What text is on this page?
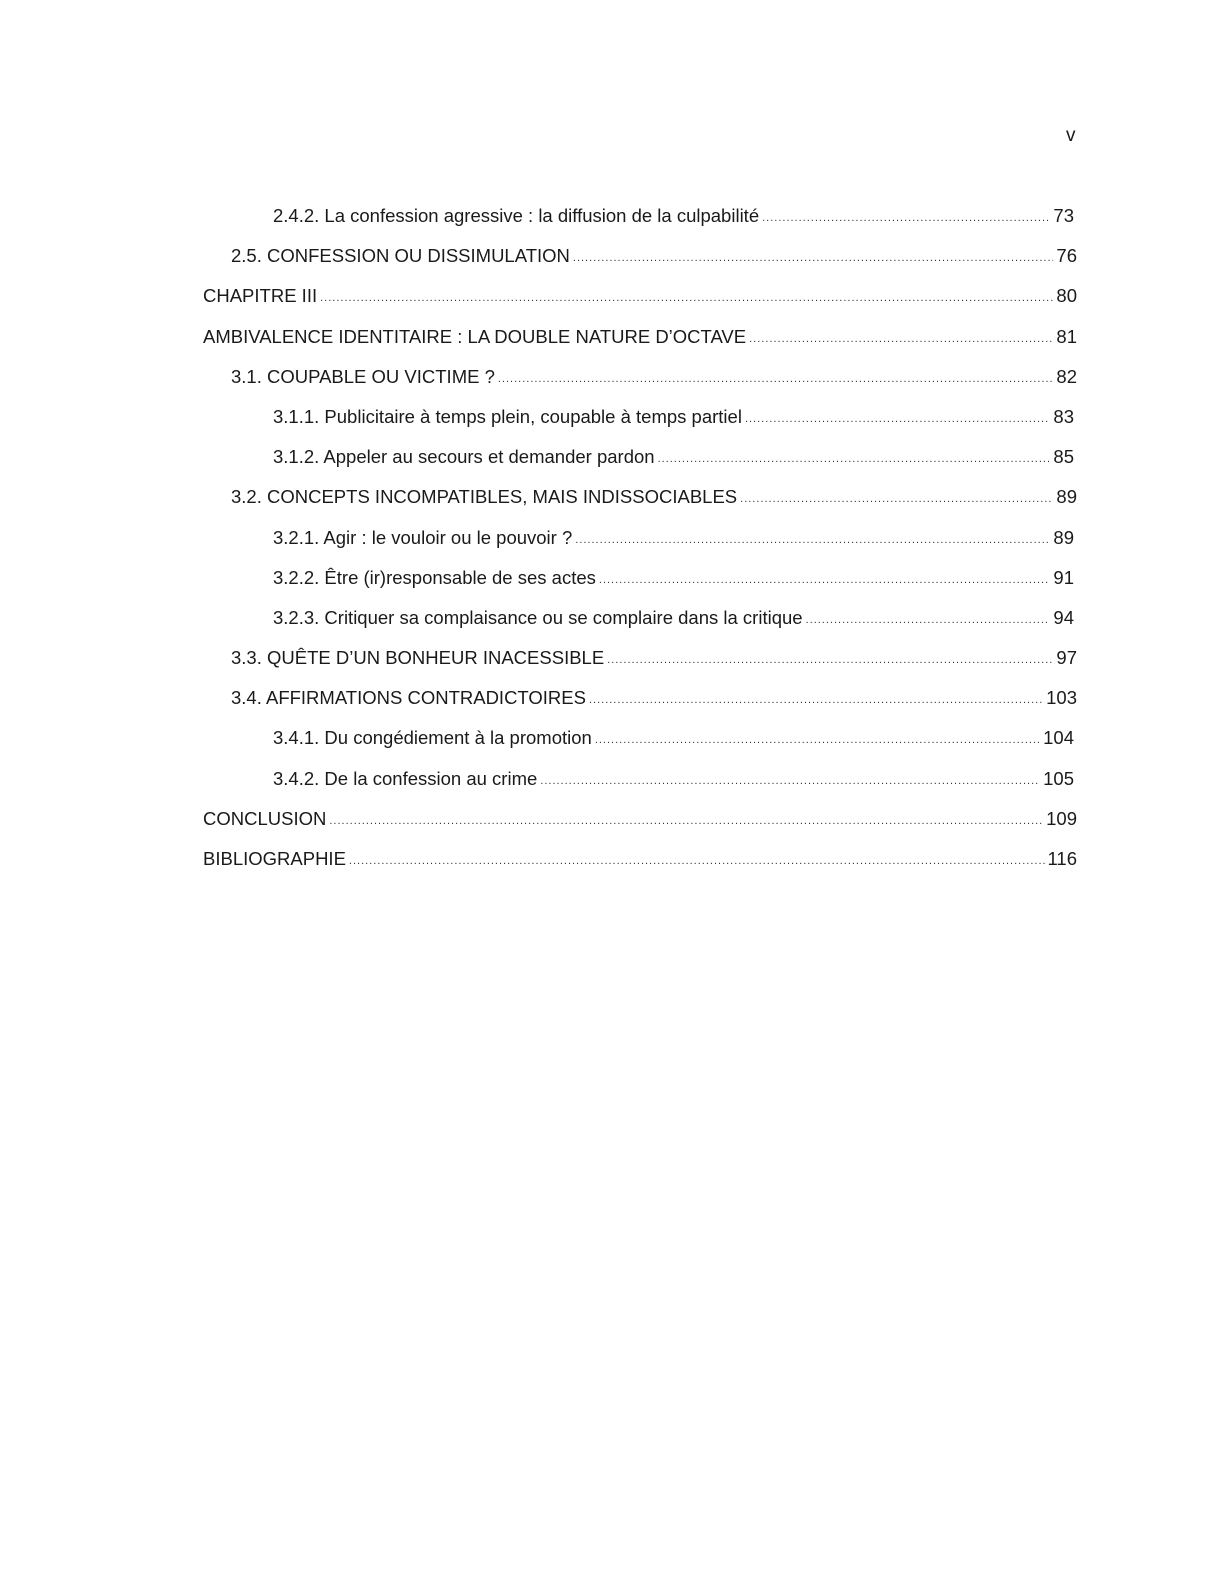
v
2.4.2. La confession agressive : la diffusion de la culpabilité .....	73
2.5. CONFESSION OU DISSIMULATION .....	76
CHAPITRE III .....	80
AMBIVALENCE IDENTITAIRE : LA DOUBLE NATURE D’OCTAVE .....	81
3.1. COUPABLE OU VICTIME ? .....	82
3.1.1. Publicitaire à temps plein, coupable à temps partiel .....	83
3.1.2. Appeler au secours et demander pardon .....	85
3.2. CONCEPTS INCOMPATIBLES, MAIS INDISSOCIABLES .....	89
3.2.1. Agir : le vouloir ou le pouvoir ? .....	89
3.2.2. Être (ir)responsable de ses actes .....	91
3.2.3. Critiquer sa complaisance ou se complaire dans la critique .....	94
3.3. QUÊTE D’UN BONHEUR INACESSIBLE .....	97
3.4. AFFIRMATIONS CONTRADICTOIRES .....	103
3.4.1. Du congédiement à la promotion .....	104
3.4.2. De la confession au crime .....	105
CONCLUSION .....	109
BIBLIOGRAPHIE .....	116
